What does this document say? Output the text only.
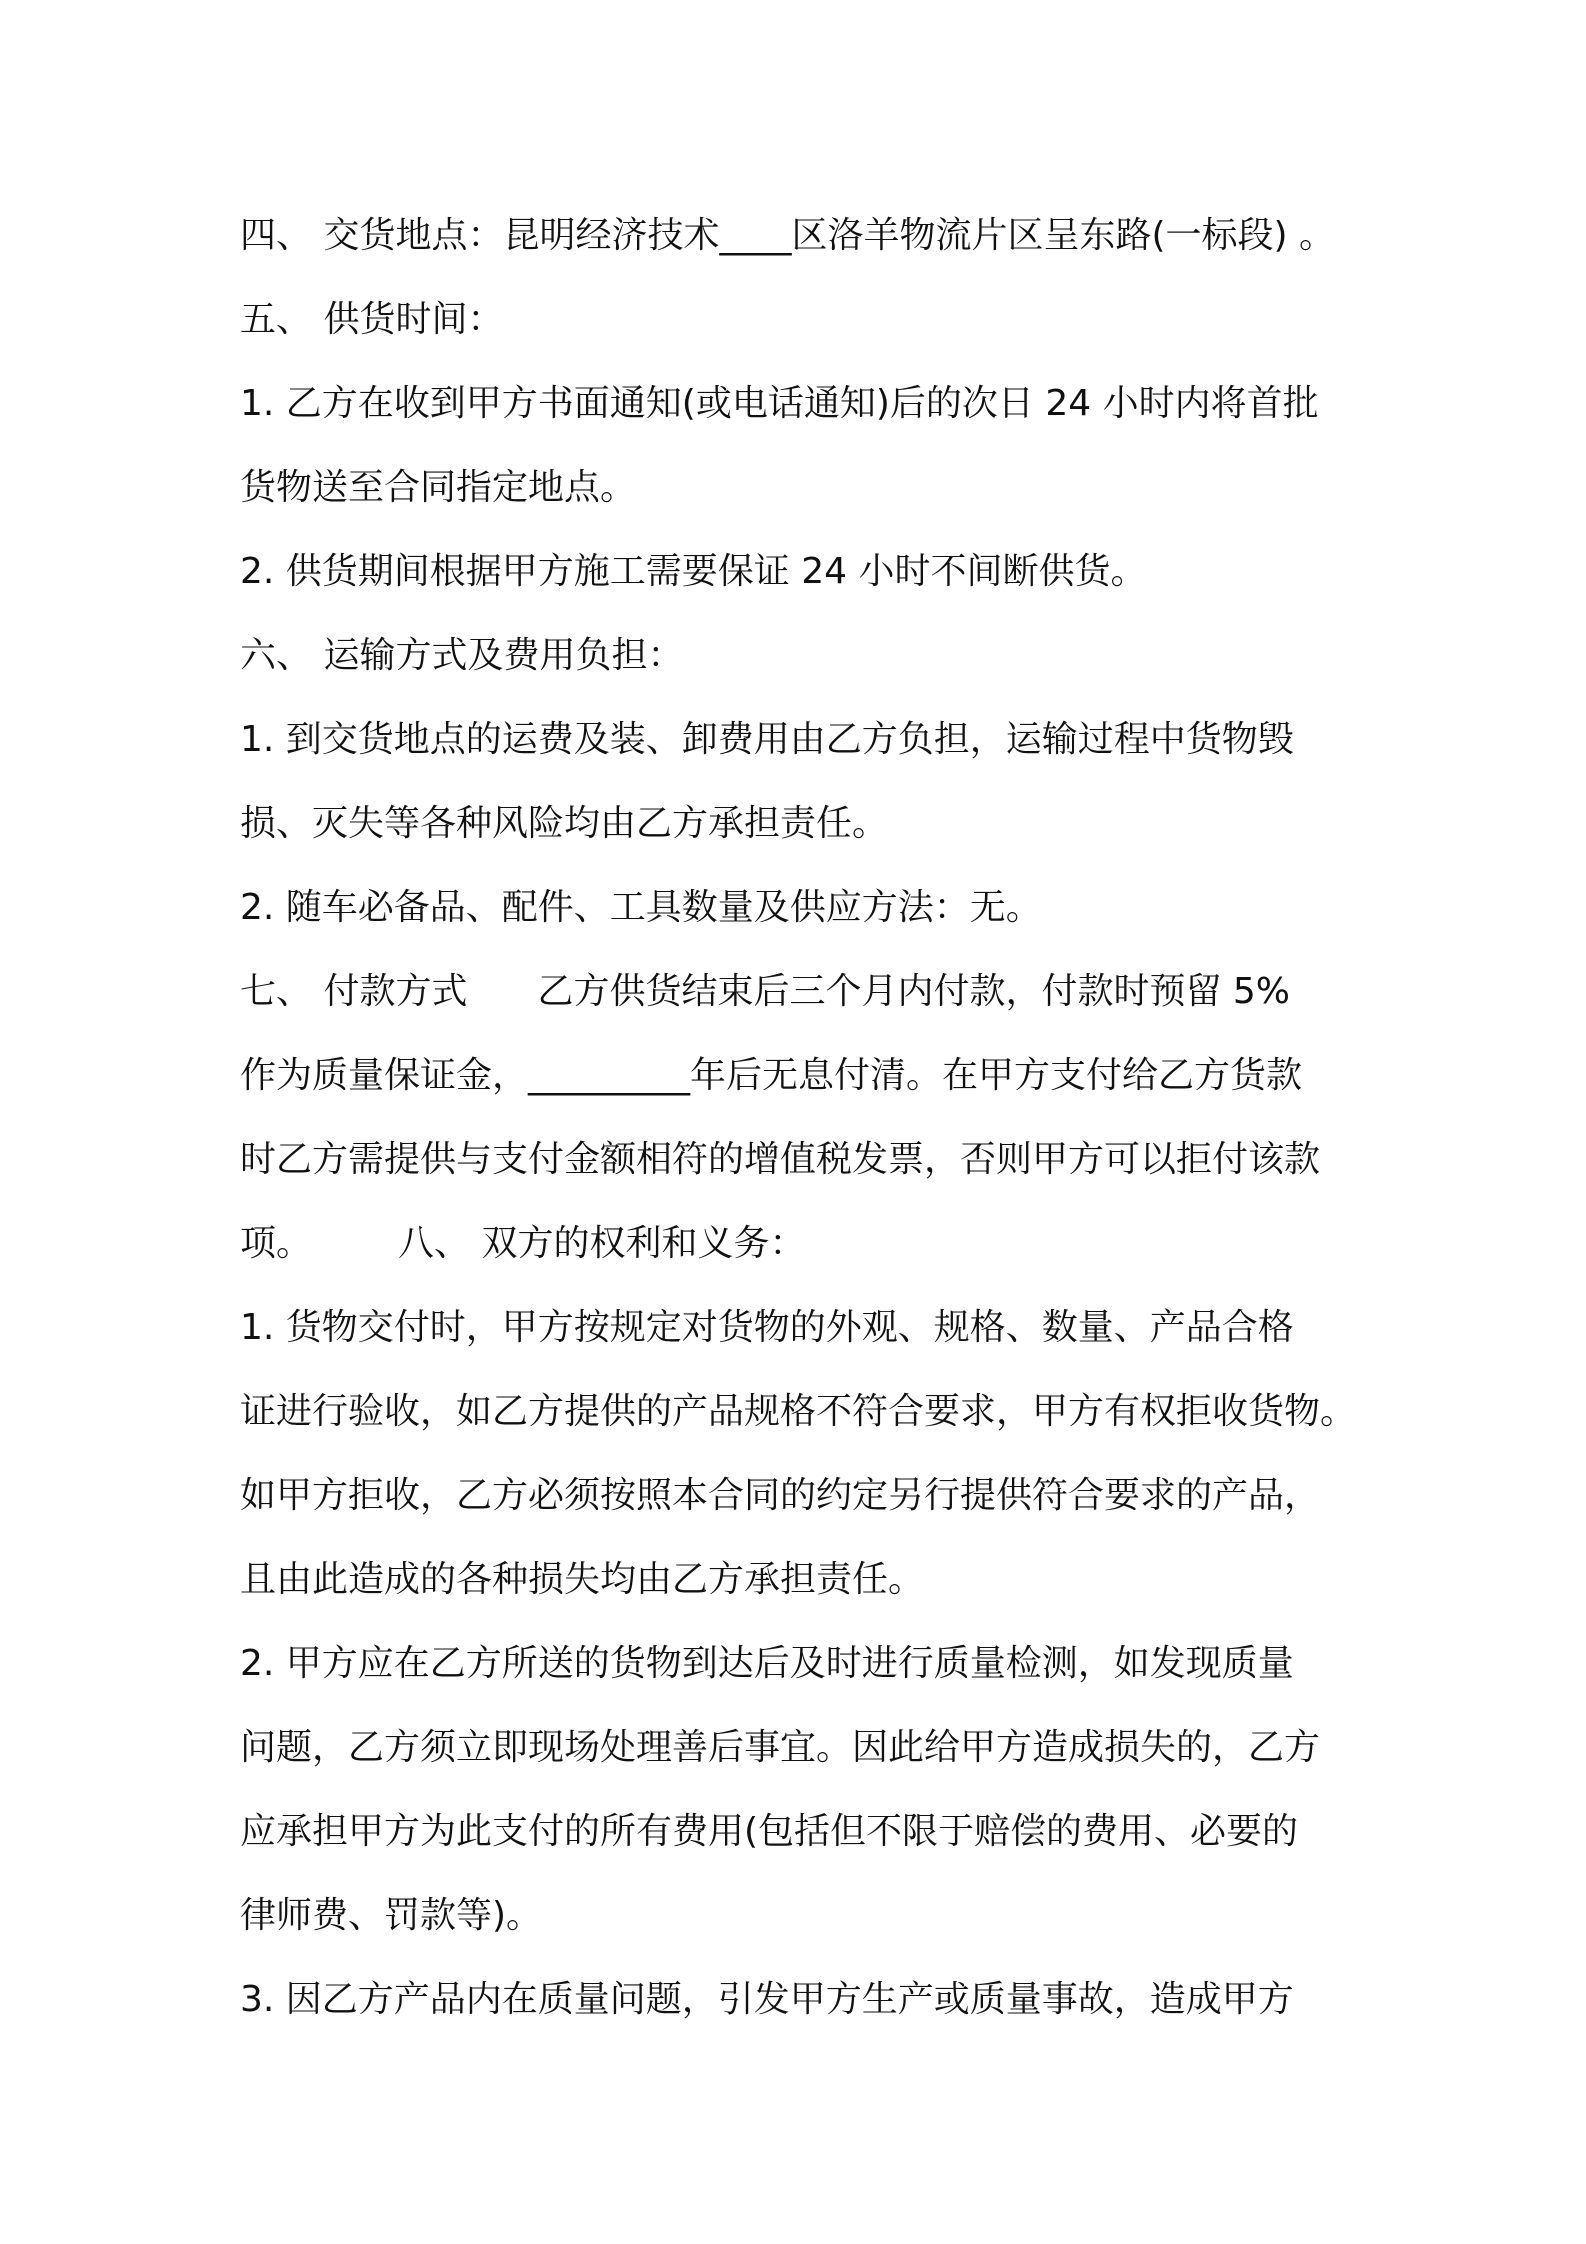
四、 交货地点：昆明经济技术____区洛羊物流片区呈东路(一标段) 。
五、 供货时间：
1. 乙方在收到甲方书面通知(或电话通知)后的次日 24 小时内将首批
货物送至合同指定地点。
2. 供货期间根据甲方施工需要保证 24 小时不间断供货。
六、 运输方式及费用负担：
1. 到交货地点的运费及装、卸费用由乙方负担，运输过程中货物毁
损、灭失等各种风险均由乙方承担责任。
2. 随车必备品、配件、工具数量及供应方法：无。
七、 付款方式 乙方供货结束后三个月内付款，付款时预留 5%
作为质量保证金，_________年后无息付清。在甲方支付给乙方货款
时乙方需提供与支付金额相符的增值税发票，否则甲方可以拒付该款
项。 八、 双方的权利和义务：
1. 货物交付时，甲方按规定对货物的外观、规格、数量、产品合格
证进行验收，如乙方提供的产品规格不符合要求，甲方有权拒收货物。
如甲方拒收，乙方必须按照本合同的约定另行提供符合要求的产品，
且由此造成的各种损失均由乙方承担责任。
2. 甲方应在乙方所送的货物到达后及时进行质量检测，如发现质量
问题，乙方须立即现场处理善后事宜。因此给甲方造成损失的，乙方
应承担甲方为此支付的所有费用(包括但不限于赔偿的费用、必要的
律师费、罚款等)。
3. 因乙方产品内在质量问题，引发甲方生产或质量事故，造成甲方
